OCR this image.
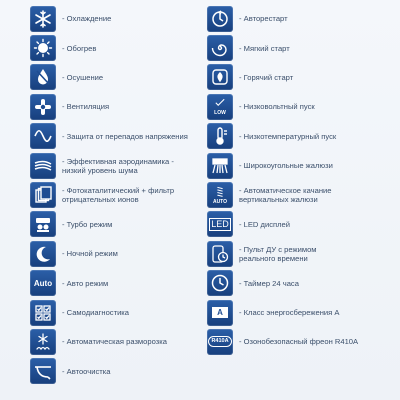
- Охлаждение
- Обогрев
- Осушение
- Вентиляция
- Защита от перепадов напряжения
- Эффективная аэродинамика -
низкий уровень шума
- Фотокаталитический + фильтр
отрицательных ионов
- Турбо режим
- Ночной режим
Auto - Авто режим
- Самодиагностика
- Автоматическая разморозка
- Автоочистка
- Авторестарт
- Мягкий старт
- Горячий старт
LOW
- Низковольтный пуск
- Низкотемпературный пуск
- Широкоугольные жалюзи
AUTO
- Автоматическое качание
вертикальных жалюзи
LED - LED дисплей
- Пульт ДУ с режимом
реального времени
- Таймер 24 часа
A	- Класс энергосбережения А
R410A	- Озонобезопасный фреон R410A
